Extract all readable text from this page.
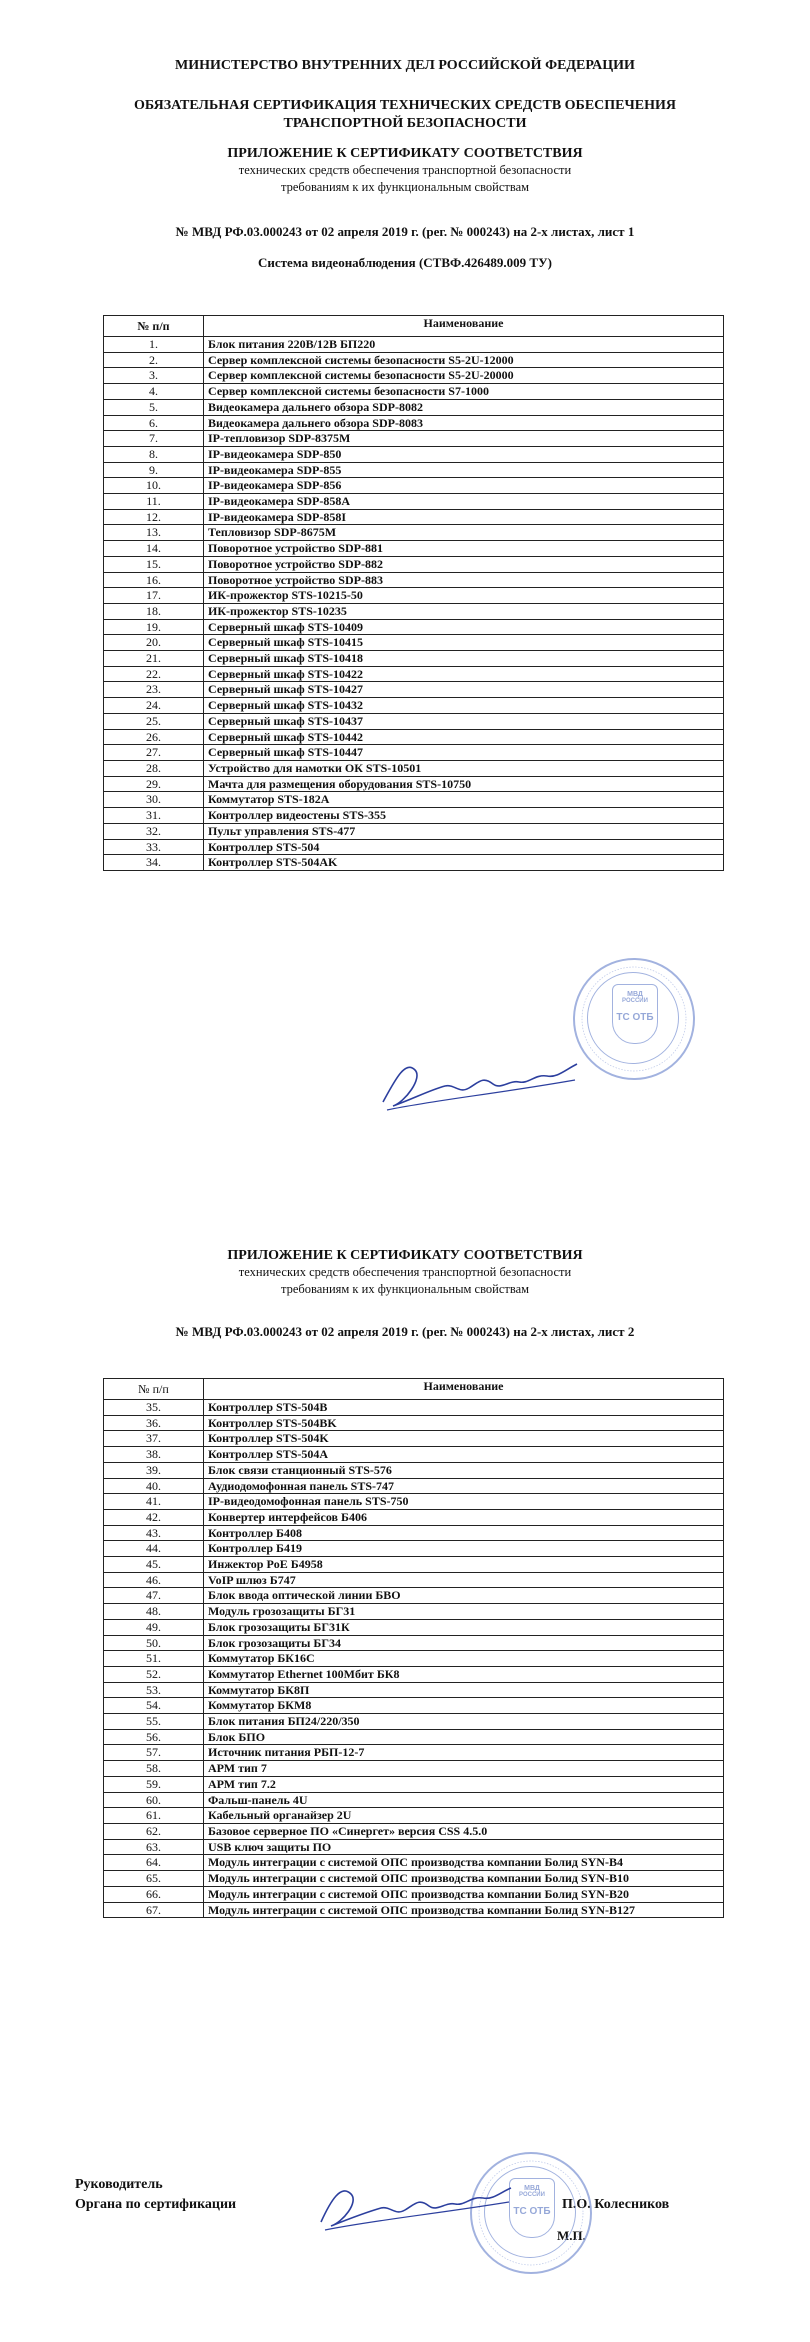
МИНИСТЕРСТВО ВНУТРЕННИХ ДЕЛ РОССИЙСКОЙ ФЕДЕРАЦИИ
ОБЯЗАТЕЛЬНАЯ СЕРТИФИКАЦИЯ ТЕХНИЧЕСКИХ СРЕДСТВ ОБЕСПЕЧЕНИЯ
ТРАНСПОРТНОЙ БЕЗОПАСНОСТИ
ПРИЛОЖЕНИЕ К СЕРТИФИКАТУ СООТВЕТСТВИЯ
технических средств обеспечения транспортной безопасности
требованиям к их функциональным свойствам
№ МВД РФ.03.000243 от 02 апреля 2019 г. (рег. № 000243) на 2-х листах, лист 1
Система видеонаблюдения (СТВФ.426489.009 ТУ)
№ п/п	Наименование
1.	Блок питания 220В/12В БП220
2.	Сервер комплексной системы безопасности S5-2U-12000
3.	Сервер комплексной системы безопасности S5-2U-20000
4.	Сервер комплексной системы безопасности S7-1000
5.	Видеокамера дальнего обзора SDP-8082
6.	Видеокамера дальнего обзора SDP-8083
7.	IP-тепловизор SDP-8375M
8.	IP-видеокамера SDP-850
9.	IP-видеокамера SDP-855
10.	IP-видеокамера SDP-856
11.	IP-видеокамера SDP-858A
12.	IP-видеокамера SDP-858I
13.	Тепловизор SDP-8675M
14.	Поворотное устройство SDP-881
15.	Поворотное устройство SDP-882
16.	Поворотное устройство SDP-883
17.	ИК-прожектор STS-10215-50
18.	ИК-прожектор STS-10235
19.	Серверный шкаф STS-10409
20.	Серверный шкаф STS-10415
21.	Серверный шкаф STS-10418
22.	Серверный шкаф STS-10422
23.	Серверный шкаф STS-10427
24.	Серверный шкаф STS-10432
25.	Серверный шкаф STS-10437
26.	Серверный шкаф STS-10442
27.	Серверный шкаф STS-10447
28.	Устройство для намотки ОК STS-10501
29.	Мачта для размещения оборудования STS-10750
30.	Коммутатор STS-182A
31.	Контроллер видеостены STS-355
32.	Пульт управления STS-477
33.	Контроллер STS-504
34.	Контроллер STS-504AK
МВД
РОССИИ
ТС ОТБ
ПРИЛОЖЕНИЕ К СЕРТИФИКАТУ СООТВЕТСТВИЯ
технических средств обеспечения транспортной безопасности
требованиям к их функциональным свойствам
№ МВД РФ.03.000243 от 02 апреля 2019 г. (рег. № 000243) на 2-х листах, лист 2
№ п/п	Наименование
35.	Контроллер STS-504B
36.	Контроллер STS-504BK
37.	Контроллер STS-504K
38.	Контроллер STS-504A
39.	Блок связи станционный STS-576
40.	Аудиодомофонная панель STS-747
41.	IP-видеодомофонная панель STS-750
42.	Конвертер интерфейсов Б406
43.	Контроллер Б408
44.	Контроллер Б419
45.	Инжектор PoE Б4958
46.	VoIP шлюз Б747
47.	Блок ввода оптической линии БВО
48.	Модуль грозозащиты БГ31
49.	Блок грозозащиты БГ31К
50.	Блок грозозащиты БГ34
51.	Коммутатор БК16С
52.	Коммутатор Ethernet 100Мбит БК8
53.	Коммутатор БК8П
54.	Коммутатор БКМ8
55.	Блок питания БП24/220/350
56.	Блок БПО
57.	Источник питания РБП-12-7
58.	АРМ тип 7
59.	АРМ тип 7.2
60.	Фальш-панель 4U
61.	Кабельный органайзер 2U
62.	Базовое серверное ПО «Синергет» версия CSS 4.5.0
63.	USB ключ защиты ПО
64.	Модуль интеграции с системой ОПС производства компании Болид SYN-B4
65.	Модуль интеграции с системой ОПС производства компании Болид SYN-B10
66.	Модуль интеграции с системой ОПС производства компании Болид SYN-B20
67.	Модуль интеграции с системой ОПС производства компании Болид SYN-B127
Руководитель
Органа по сертификации	П.О. Колесников
М.П.
МВД
РОССИИ
ТС ОТБ
